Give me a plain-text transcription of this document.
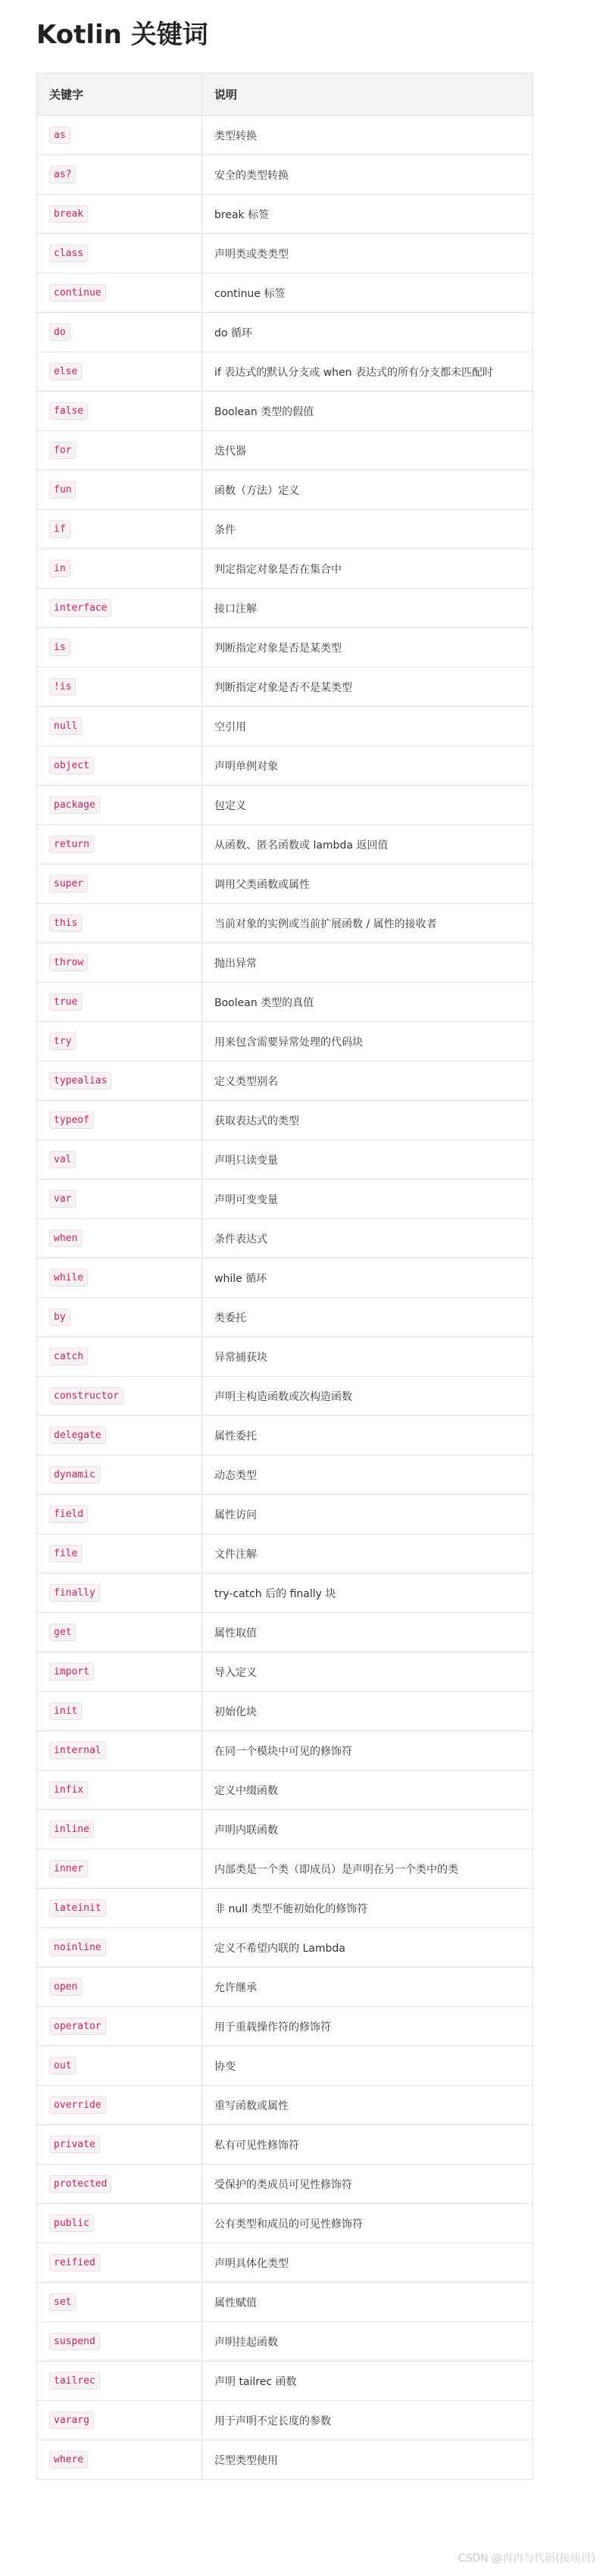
Kotlin 关键词
关键字	说明
as	类型转换
as?	安全的类型转换
break	break 标签
class	声明类或类类型
continue	continue 标签
do	do 循环
else	if 表达式的默认分支或 when 表达式的所有分支都未匹配时
false	Boolean 类型的假值
for	迭代器
fun	函数（方法）定义
if	条件
in	判定指定对象是否在集合中
interface	接口注解
is	判断指定对象是否是某类型
!is	判断指定对象是否不是某类型
null	空引用
object	声明单例对象
package	包定义
return	从函数、匿名函数或 lambda 返回值
super	调用父类函数或属性
this	当前对象的实例或当前扩展函数 / 属性的接收者
throw	抛出异常
true	Boolean 类型的真值
try	用来包含需要异常处理的代码块
typealias	定义类型别名
typeof	获取表达式的类型
val	声明只读变量
var	声明可变变量
when	条件表达式
while	while 循环
by	类委托
catch	异常捕获块
constructor	声明主构造函数或次构造函数
delegate	属性委托
dynamic	动态类型
field	属性访问
file	文件注解
finally	try-catch 后的 finally 块
get	属性取值
import	导入定义
init	初始化块
internal	在同一个模块中可见的修饰符
infix	定义中缀函数
inline	声明内联函数
inner	内部类是一个类（即成员）是声明在另一个类中的类
lateinit	非 null 类型不能初始化的修饰符
noinline	定义不希望内联的 Lambda
open	允许继承
operator	用于重载操作符的修饰符
out	协变
override	重写函数或属性
private	私有可见性修饰符
protected	受保护的类成员可见性修饰符
public	公有类型和成员的可见性修饰符
reified	声明具体化类型
set	属性赋值
suspend	声明挂起函数
tailrec	声明 tailrec 函数
vararg	用于声明不定长度的参数
where	泛型类型使用
CSDN @冉冉与代码(接项目)
